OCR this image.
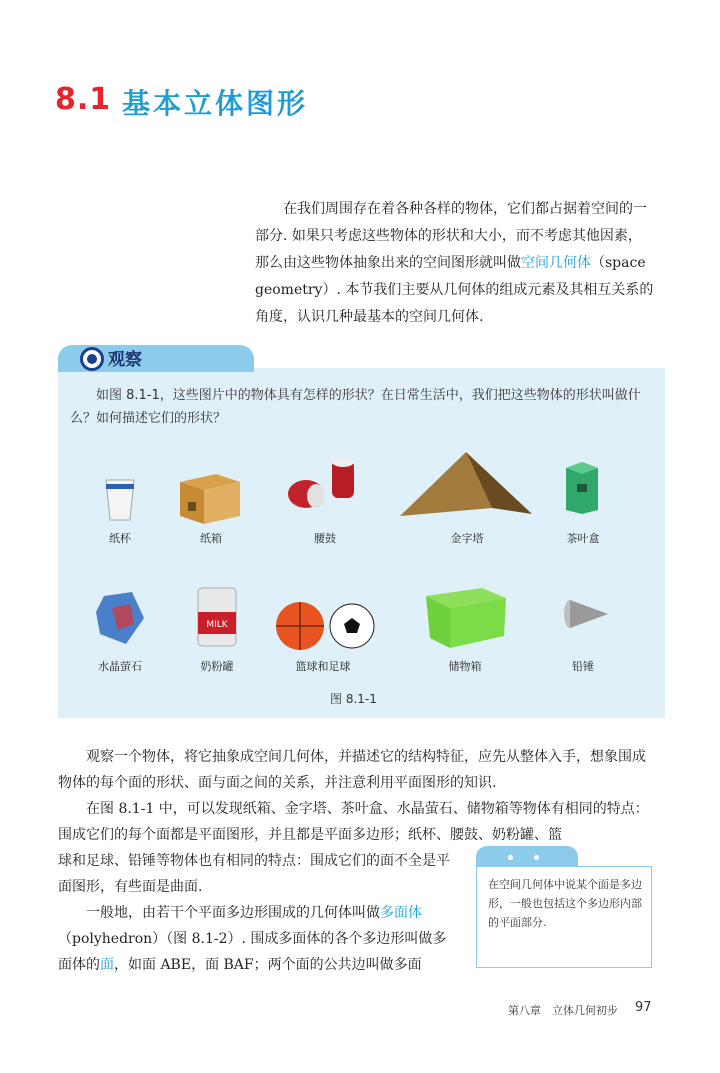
8.1 基本立体图形

在我们周围存在着各种各样的物体，它们都占据着空间的一部分. 如果只考虑这些物体的形状和大小，而不考虑其他因素，那么由这些物体抽象出来的空间图形就叫做空间几何体（space geometry）. 本节我们主要从几何体的组成元素及其相互关系的角度，认识几种最基本的空间几何体.

观察
如图 8.1-1，这些图片中的物体具有怎样的形状？在日常生活中，我们把这些物体的形状叫做什么？如何描述它们的形状？
纸杯	纸箱	腰鼓	金字塔	茶叶盒
MILK
水晶萤石	奶粉罐	篮球和足球	储物箱	铅锤
图 8.1-1

观察一个物体，将它抽象成空间几何体，并描述它的结构特征，应先从整体入手，想象围成物体的每个面的形状、面与面之间的关系，并注意利用平面图形的知识.

在图 8.1-1 中，可以发现纸箱、金字塔、茶叶盒、水晶萤石、储物箱等物体有相同的特点：围成它们的每个面都是平面图形，并且都是平面多边形；纸杯、腰鼓、奶粉罐、篮

球和足球、铅锤等物体也有相同的特点：围成它们的面不全是平面图形，有些面是曲面.

一般地，由若干个平面多边形围成的几何体叫做多面体（polyhedron）（图 8.1-2）. 围成多面体的各个多边形叫做多面体的面，如面 ABE，面 BAF；两个面的公共边叫做多面

在空间几何体中说某个面是多边形，一般也包括这个多边形内部的平面部分.
第八章　立体几何初步 97
